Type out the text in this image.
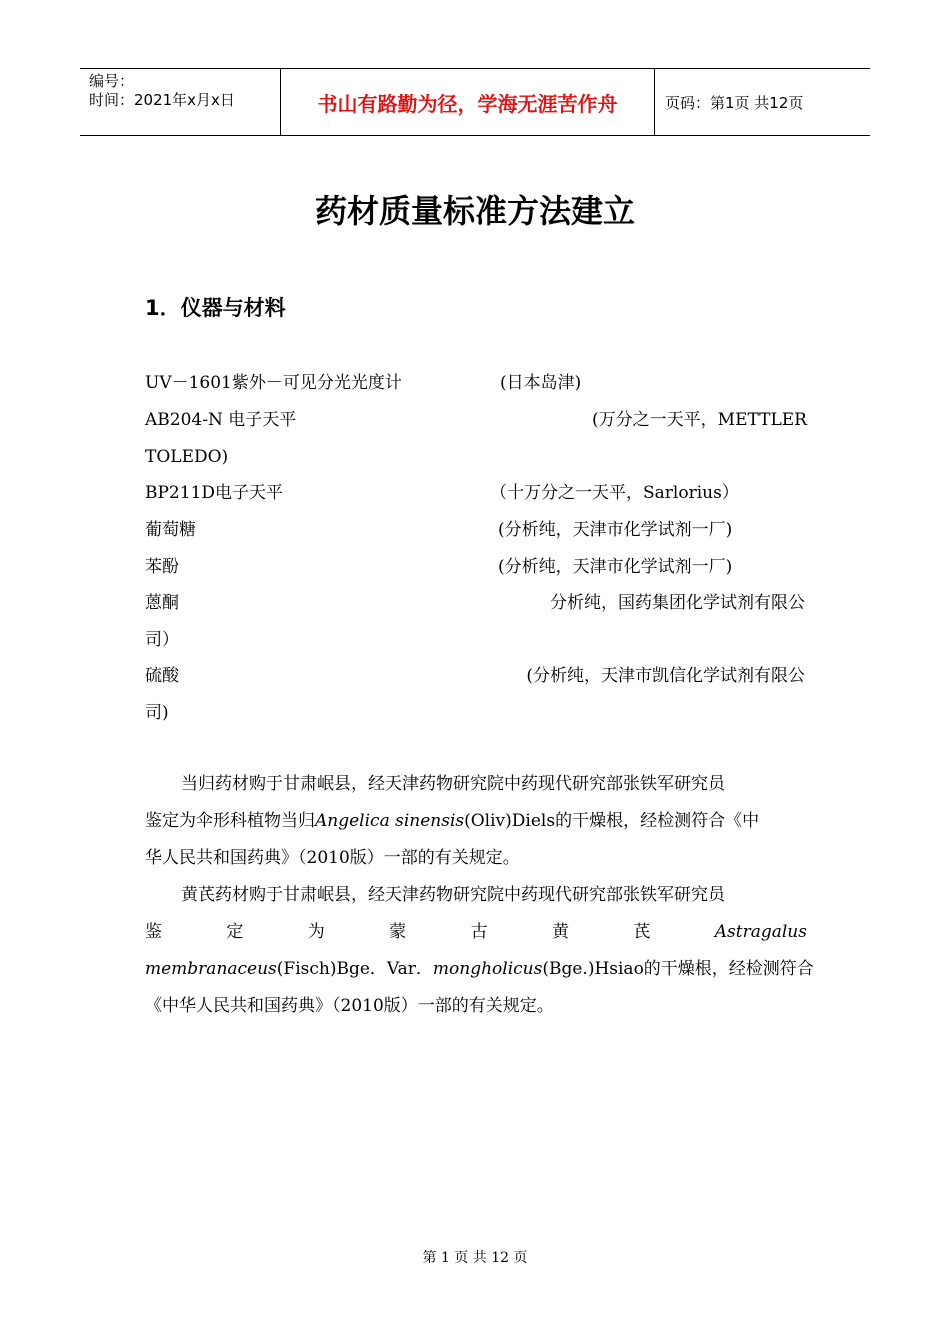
编号：
时间：2021年x月x日	书山有路勤为径，学海无涯苦作舟	页码：第1页 共12页
药材质量标准方法建立
1．仪器与材料
UV－1601紫外－可见分光光度计	(日本岛津)
AB204-N 电子天平	(万分之一天平，METTLER
TOLEDO)
BP211D电子天平	（十万分之一天平，Sarlorius）
葡萄糖	(分析纯，天津市化学试剂一厂)
苯酚	(分析纯，天津市化学试剂一厂)
蒽酮	分析纯，国药集团化学试剂有限公
司）
硫酸	(分析纯，天津市凯信化学试剂有限公
司)
当归药材购于甘肃岷县，经天津药物研究院中药现代研究部张铁军研究员
鉴定为伞形科植物当归Angelica sinensis(Oliv)Diels的干燥根，经检测符合《中
华人民共和国药典》（2010版）一部的有关规定。
黄芪药材购于甘肃岷县，经天津药物研究院中药现代研究部张铁军研究员
鉴	定	为	蒙	古	黄	芪	Astragalus
membranaceus(Fisch)Bge．Var．mongholicus(Bge.)Hsiao的干燥根，经检测符合
《中华人民共和国药典》（2010版）一部的有关规定。
第 1 页 共 12 页
